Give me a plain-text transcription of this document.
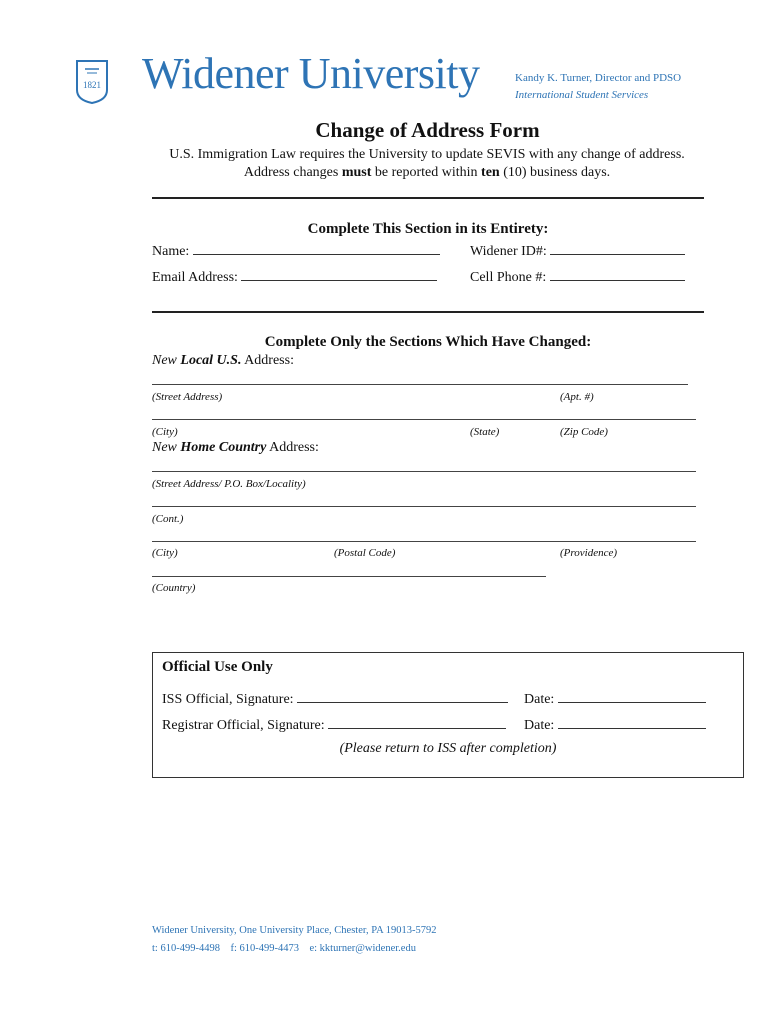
1821 Widener University	Kandy K. Turner, Director and PDSO
International Student Services
Change of Address Form
U.S. Immigration Law requires the University to update SEVIS with any change of address. Address changes must be reported within ten (10) business days.
Complete This Section in its Entirety:
Name:	Widener ID#:
Email Address:	Cell Phone #:
Complete Only the Sections Which Have Changed:
New Local U.S. Address:
(Street Address)	(Apt. #)
(City)	(State)	(Zip Code)
New Home Country Address:
(Street Address/ P.O. Box/Locality)
(Cont.)
(City)	(Postal Code)	(Providence)
(Country)
Official Use Only
ISS Official, Signature:	Date:
Registrar Official, Signature:	Date:
(Please return to ISS after completion)
Widener University, One University Place, Chester, PA 19013-5792
t: 610-499-4498    f: 610-499-4473    e: kkturner@widener.edu
